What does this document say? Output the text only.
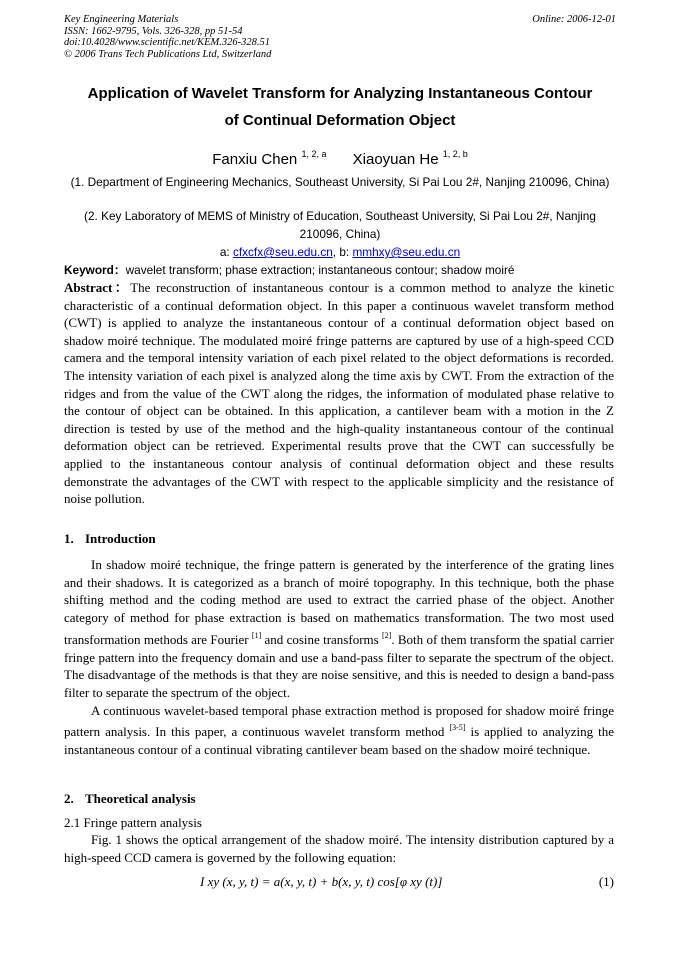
Key Engineering Materials
ISSN: 1662-9795, Vols. 326-328, pp 51-54
doi:10.4028/www.scientific.net/KEM.326-328.51
© 2006 Trans Tech Publications Ltd, Switzerland
Online: 2006-12-01
Application of Wavelet Transform for Analyzing Instantaneous Contour
of Continual Deformation Object
Fanxiu Chen $^{1, 2, a}$ Xiaoyuan He $^{1, 2, b}$
(1. Department of Engineering Mechanics, Southeast University, Si Pai Lou 2#, Nanjing 210096, China)
(2. Key Laboratory of MEMS of Ministry of Education, Southeast University, Si Pai Lou 2#, Nanjing 210096, China)
a: cfxcfx@seu.edu.cn, b: mmhxy@seu.edu.cn
Keyword：wavelet transform; phase extraction; instantaneous contour; shadow moiré
Abstract：The reconstruction of instantaneous contour is a common method to analyze the kinetic characteristic of a continual deformation object. In this paper a continuous wavelet transform method (CWT) is applied to analyze the instantaneous contour of a continual deformation object based on shadow moiré technique. The modulated moiré fringe patterns are captured by use of a high-speed CCD camera and the temporal intensity variation of each pixel related to the object deformations is recorded. The intensity variation of each pixel is analyzed along the time axis by CWT. From the extraction of the ridges and from the value of the CWT along the ridges, the information of modulated phase relative to the contour of object can be obtained. In this application, a cantilever beam with a motion in the Z direction is tested by use of the method and the high-quality instantaneous contour of the continual deformation object can be retrieved. Experimental results prove that the CWT can successfully be applied to the instantaneous contour analysis of continual deformation object and these results demonstrate the advantages of the CWT with respect to the applicable simplicity and the resistance of noise pollution.
1. Introduction

In shadow moiré technique, the fringe pattern is generated by the interference of the grating lines and their shadows. It is categorized as a branch of moiré topography. In this technique, both the phase shifting method and the coding method are used to extract the carried phase of the object. Another category of method for phase extraction is based on mathematics transformation. The two most used transformation methods are Fourier [1] and cosine transforms [2]. Both of them transform the spatial carrier fringe pattern into the frequency domain and use a band-pass filter to separate the spectrum of the object. The disadvantage of the methods is that they are noise sensitive, and this is needed to design a band-pass filter to separate the spectrum of the object.

A continuous wavelet-based temporal phase extraction method is proposed for shadow moiré fringe pattern analysis. In this paper, a continuous wavelet transform method [3-5] is applied to analyzing the instantaneous contour of a continual vibrating cantilever beam based on the shadow moiré technique.

2. Theoretical analysis
2.1 Fringe pattern analysis

Fig. 1 shows the optical arrangement of the shadow moiré. The intensity distribution captured by a high-speed CCD camera is governed by the following equation:

I xy (x, y, t) = a(x, y, t) + b(x, y, t) cos[φ xy (t)]	(1)
